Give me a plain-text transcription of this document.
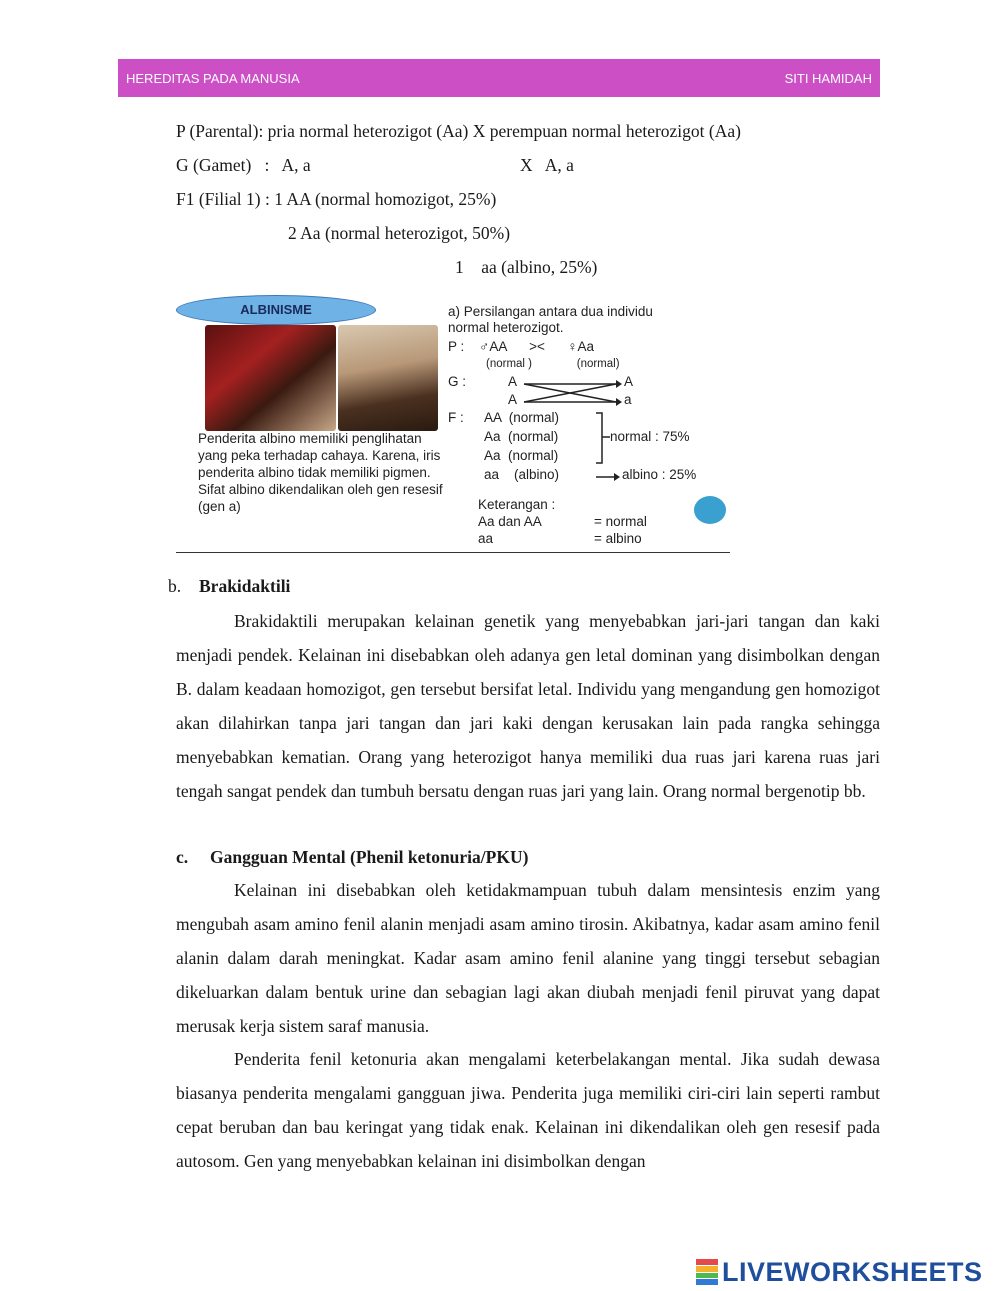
HEREDITAS PADA MANUSIA	SITI HAMIDAH
P (Parental): pria normal heterozigot (Aa) X perempuan normal heterozigot (Aa)
G (Gamet)   :   A, a	X   A, a
F1 (Filial 1) : 1 AA (normal homozigot, 25%)
2 Aa (normal heterozigot, 50%)
1    aa (albino, 25%)
ALBINISME
Penderita albino memiliki penglihatan yang peka terhadap cahaya. Karena, iris penderita albino tidak memiliki pigmen. Sifat albino dikendalikan oleh gen resesif (gen a)
a) Persilangan antara dua individu
normal heterozigot.
P :    ♂AA      ><      ♀Aa
(normal )              (normal)
G :	A
A
A
a
F : AA  (normal)
Aa  (normal)
Aa  (normal)
aa    (albino)
normal : 75%
albino : 25%
Keterangan :
Aa dan AA	= normal
aa	= albino
b. Brakidaktili
Brakidaktili merupakan kelainan genetik yang menyebabkan jari-jari tangan dan kaki menjadi pendek. Kelainan ini disebabkan oleh adanya gen letal dominan yang disimbolkan dengan B. dalam keadaan homozigot, gen tersebut bersifat letal. Individu yang mengandung gen homozigot akan dilahirkan tanpa jari tangan dan jari kaki dengan kerusakan lain pada rangka sehingga menyebabkan kematian. Orang yang heterozigot hanya memiliki dua ruas jari karena ruas jari tengah sangat pendek dan tumbuh bersatu dengan ruas jari yang lain. Orang normal bergenotip bb.
c. Gangguan Mental (Phenil ketonuria/PKU)
Kelainan ini disebabkan oleh ketidakmampuan tubuh dalam mensintesis enzim yang mengubah asam amino fenil alanin menjadi asam amino tirosin. Akibatnya, kadar asam amino fenil alanin dalam darah meningkat. Kadar asam amino fenil alanine yang tinggi tersebut sebagian dikeluarkan dalam bentuk urine dan sebagian lagi akan diubah menjadi fenil piruvat yang dapat merusak kerja sistem saraf manusia.
Penderita fenil ketonuria akan mengalami keterbelakangan mental. Jika sudah dewasa biasanya penderita mengalami gangguan jiwa. Penderita juga memiliki ciri-ciri lain seperti rambut cepat beruban dan bau keringat yang tidak enak. Kelainan ini dikendalikan oleh gen resesif pada autosom. Gen yang menyebabkan kelainan ini disimbolkan dengan
LIVEWORKSHEETS
